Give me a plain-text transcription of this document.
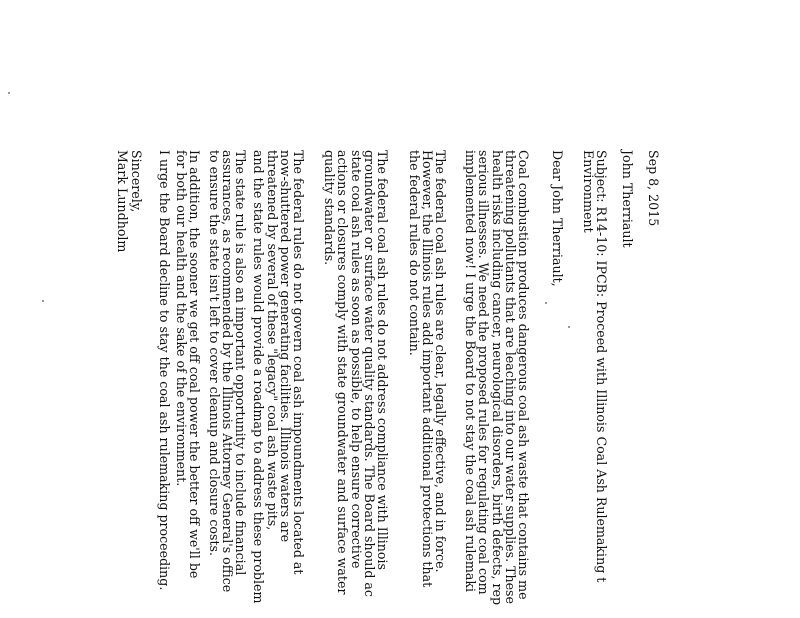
Sep 8, 2015
John Therriault
Subject: R14-10: IPCB: Proceed with Illinois Coal Ash Rulemaking t
Environment
Dear John Therriault,
Coal combustion produces dangerous coal ash waste that contains me
threatening pollutants that are leaching into our water supplies. These
health risks including cancer, neurological disorders, birth defects, rep
serious illnesses. We need the proposed rules for regulating coal com
implemented now! I urge the Board to not stay the coal ash rulemaki
The federal coal ash rules are clear, legally effective, and in force.
However, the Illinois rules add important additional protections that
the federal rules do not contain.
The federal coal ash rules do not address compliance with Illinois
groundwater or surface water quality standards. The Board should ac
state coal ash rules as soon as possible, to help ensure corrective
actions or closures comply with state groundwater and surface water
quality standards.
The federal rules do not govern coal ash impoundments located at
now-shuttered power generating facilities. Illinois waters are
threatened by several of these "legacy" coal ash waste pits,
and the state rules would provide a roadmap to address these problem
The state rule is also an important opportunity to include financial
assurances, as recommended by the Illinois Attorney General's office
to ensure the state isn't left to cover cleanup and closure costs.
In addition, the sooner we get off coal power the better off we'll be
for both our health and the sake of the environment.
I urge the Board decline to stay the coal ash rulemaking proceeding.
Sincerely,
Mark Lundholm
